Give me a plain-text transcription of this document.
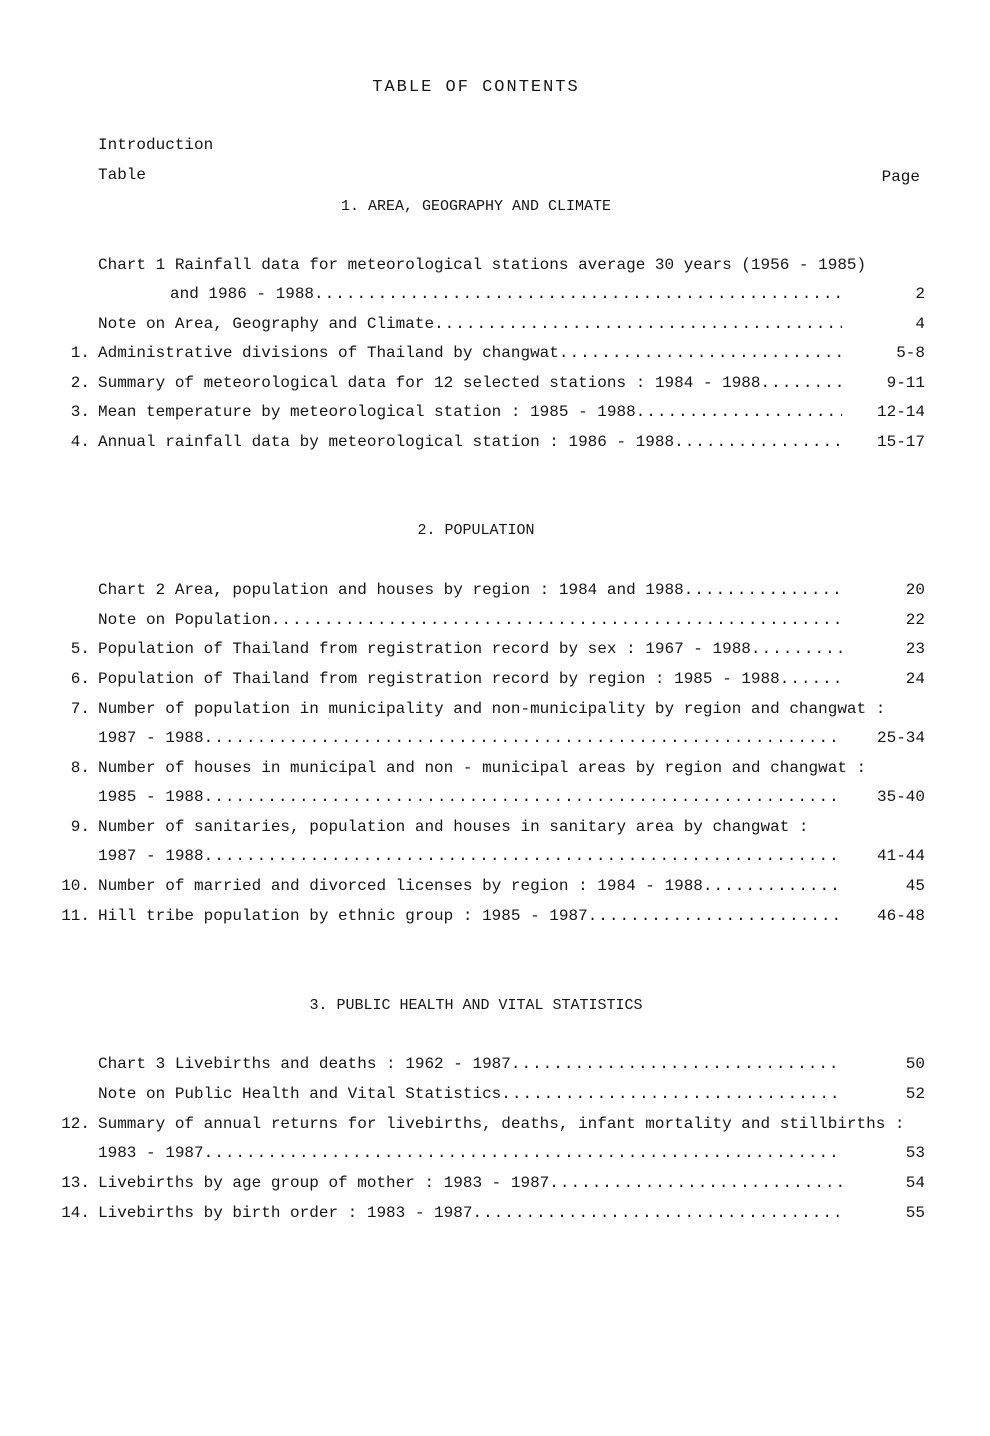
TABLE OF CONTENTS
Introduction
Table	Page
1. AREA, GEOGRAPHY AND CLIMATE
Chart 1 Rainfall data for meteorological stations average 30 years (1956 - 1985)
and 1986 - 1988 .....	2
Note on Area, Geography and Climate .....	4
1. Administrative divisions of Thailand by changwat .....	5-8
2. Summary of meteorological data for 12 selected stations : 1984 - 1988 .....	9-11
3. Mean temperature by meteorological station : 1985 - 1988 .....	12-14
4. Annual rainfall data by meteorological station : 1986 - 1988 .....	15-17
2. POPULATION
Chart 2 Area, population and houses by region : 1984 and 1988 .....	20
Note on Population .....	22
5. Population of Thailand from registration record by sex : 1967 - 1988 .....	23
6. Population of Thailand from registration record by region : 1985 - 1988 .....	24
7. Number of population in municipality and non-municipality by region and changwat :
1987 - 1988 .....	25-34
8. Number of houses in municipal and non - municipal areas by region and changwat :
1985 - 1988 .....	35-40
9. Number of sanitaries, population and houses in sanitary area by changwat :
1987 - 1988 .....	41-44
10. Number of married and divorced licenses by region : 1984 - 1988 .....	45
11. Hill tribe population by ethnic group : 1985 - 1987 .....	46-48
3. PUBLIC HEALTH AND VITAL STATISTICS
Chart 3 Livebirths and deaths : 1962 - 1987 .....	50
Note on Public Health and Vital Statistics .....	52
12. Summary of annual returns for livebirths, deaths, infant mortality and stillbirths :
1983 - 1987 .....	53
13. Livebirths by age group of mother : 1983 - 1987 .....	54
14. Livebirths by birth order : 1983 - 1987 .....	55
